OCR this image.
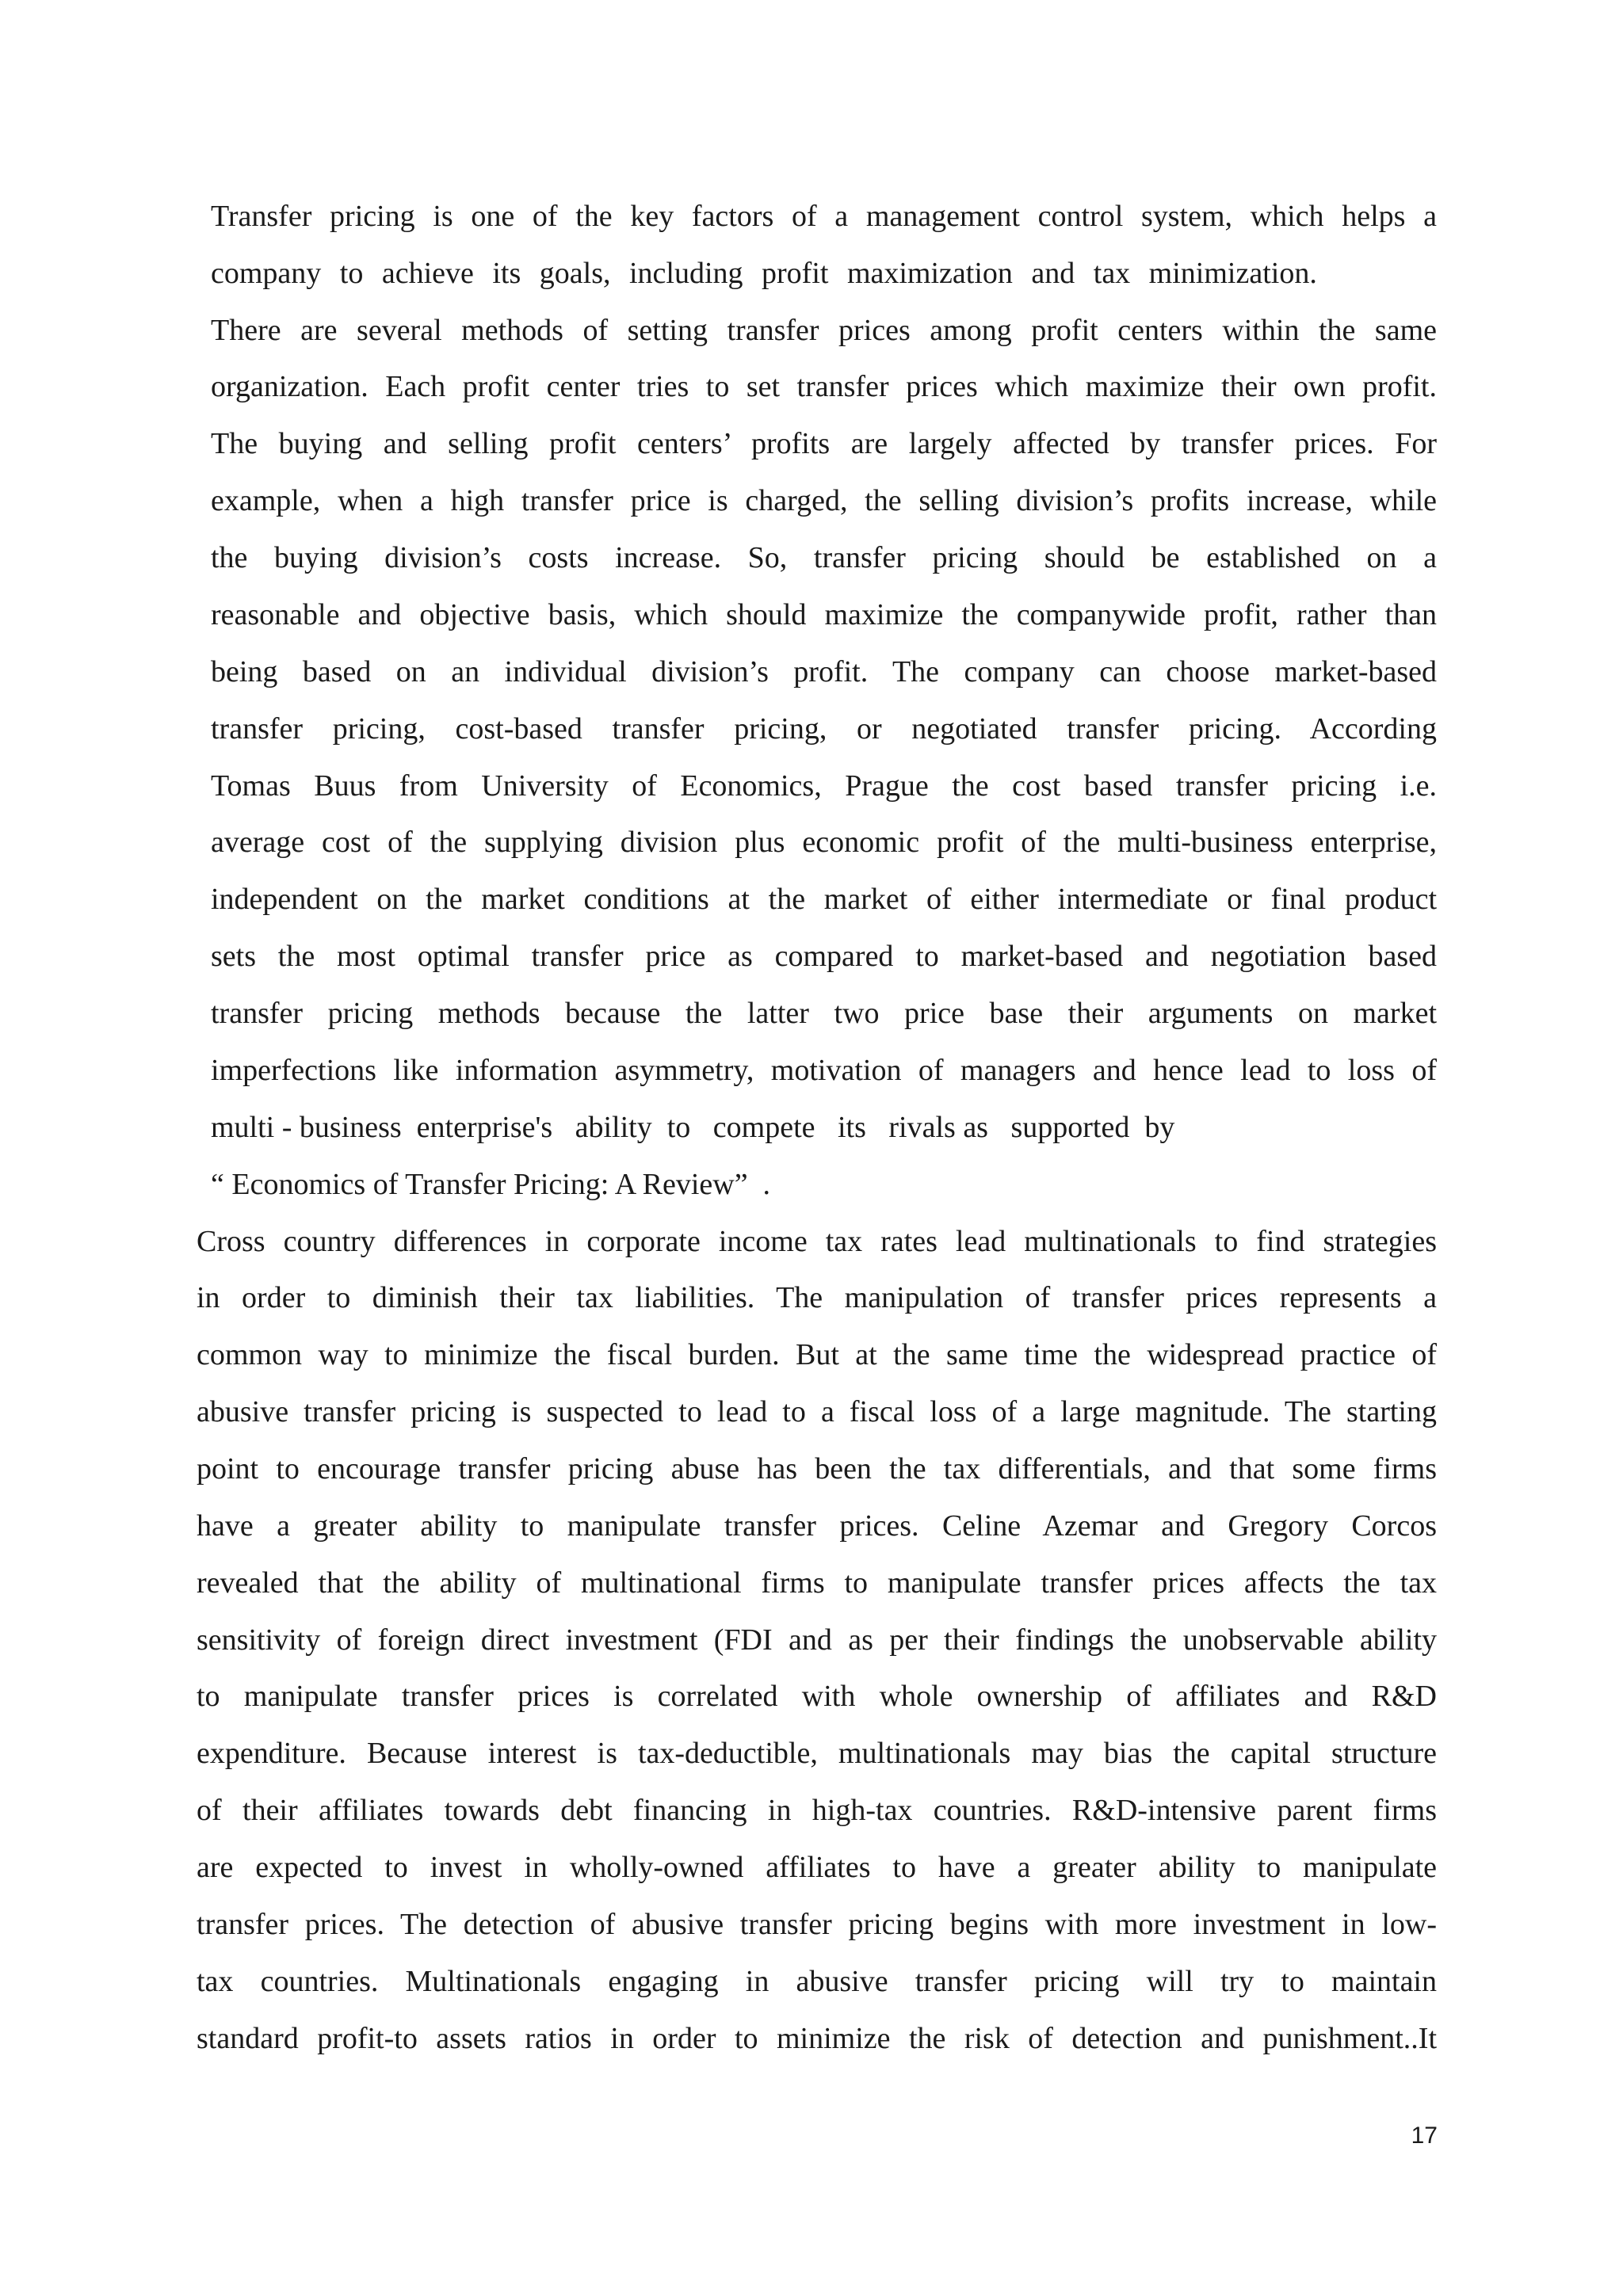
Transfer pricing is one of the key factors of a management control system, which helps a
company to achieve its goals, including profit maximization and tax minimization.
There are several methods of setting transfer prices among profit centers within the same
organization. Each profit center tries to set transfer prices which maximize their own profit.
The buying and selling profit centers’ profits are largely affected by transfer prices. For
example, when a high transfer price is charged, the selling division’s profits increase, while
the buying division’s costs increase. So, transfer pricing should be established on a
reasonable and objective basis, which should maximize the companywide profit, rather than
being based on an individual division’s profit. The company can choose market-based
transfer pricing, cost-based transfer pricing, or negotiated transfer pricing. According
Tomas Buus from University of Economics, Prague the cost based transfer pricing i.e.
average cost of the supplying division plus economic profit of the multi-business enterprise,
independent on the market conditions at the market of either intermediate or final product
sets the most optimal transfer price as compared to market-based and negotiation based
transfer pricing methods because the latter two price base their arguments on market
imperfections like information asymmetry, motivation of managers and hence lead to loss of
multi - business  enterprise's   ability  to   compete   its   rivals as   supported  by
“ Economics of Transfer Pricing: A Review”  .
Cross country differences in corporate income tax rates lead multinationals to find strategies
in order to diminish their tax liabilities. The manipulation of transfer prices represents a
common way to minimize the fiscal burden. But at the same time the widespread practice of
abusive transfer pricing is suspected to lead to a fiscal loss of a large magnitude. The starting
point to encourage transfer pricing abuse has been the tax differentials, and that some firms
have a greater ability to manipulate transfer prices. Celine Azemar and Gregory Corcos
revealed that the ability of multinational firms to manipulate transfer prices affects the tax
sensitivity of foreign direct investment (FDI and as per their findings the unobservable ability
to manipulate transfer prices is correlated with whole ownership of affiliates and R&D
expenditure. Because interest is tax-deductible, multinationals may bias the capital structure
of their affiliates towards debt financing in high-tax countries. R&D-intensive parent firms
are expected to invest in wholly-owned affiliates to have a greater ability to manipulate
transfer prices. The detection of abusive transfer pricing begins with more investment in low-
tax countries. Multinationals engaging in abusive transfer pricing will try to maintain
standard profit-to assets ratios in order to minimize the risk of detection and punishment..It
17
